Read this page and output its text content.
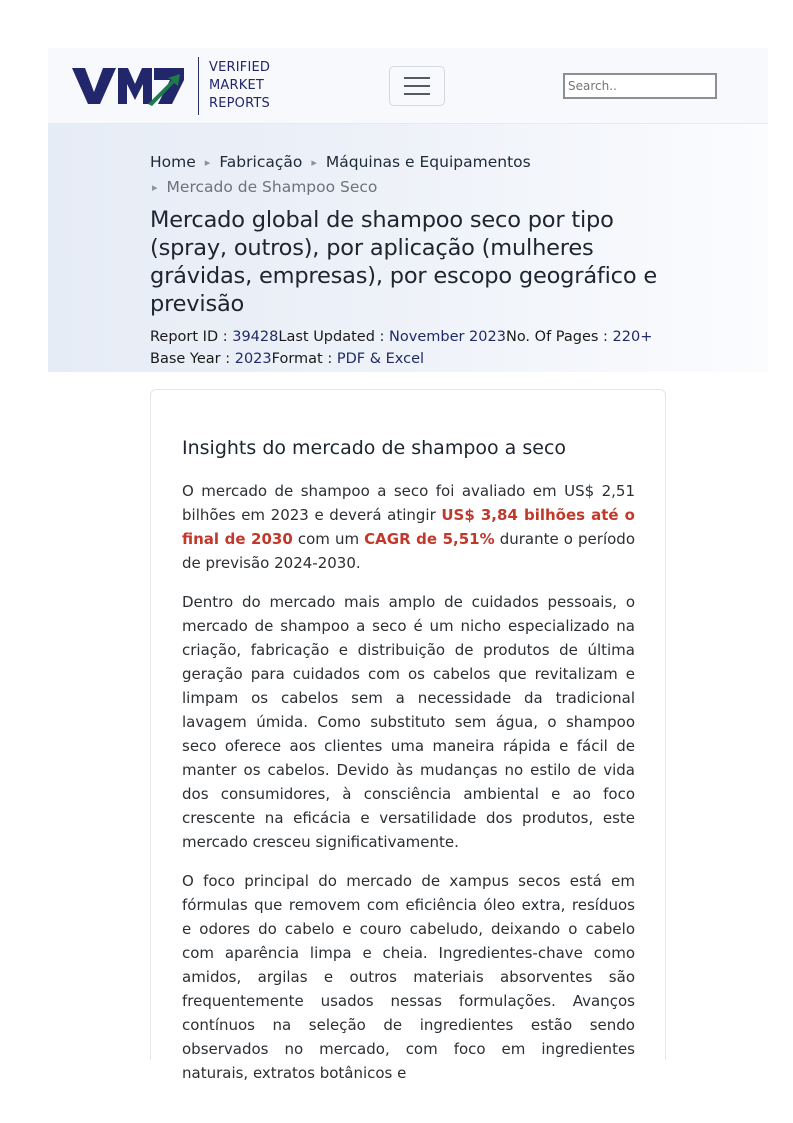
VERIFIED
MARKET
REPORTS
Search..
Home ▸ Fabricação ▸ Máquinas e Equipamentos
▸ Mercado de Shampoo Seco
Mercado global de shampoo seco por tipo (spray, outros), por aplicação (mulheres grávidas, empresas), por escopo geográfico e previsão
Report ID : 39428Last Updated : November 2023No. Of Pages : 220+
Base Year : 2023Format : PDF & Excel
Insights do mercado de shampoo a seco

O mercado de shampoo a seco foi avaliado em US$ 2,51 bilhões em 2023 e deverá atingir US$ 3,84 bilhões até o final de 2030 com um CAGR de 5,51% durante o período de previsão 2024-2030.

Dentro do mercado mais amplo de cuidados pessoais, o mercado de shampoo a seco é um nicho especializado na criação, fabricação e distribuição de produtos de última geração para cuidados com os cabelos que revitalizam e limpam os cabelos sem a necessidade da tradicional lavagem úmida. Como substituto sem água, o shampoo seco oferece aos clientes uma maneira rápida e fácil de manter os cabelos. Devido às mudanças no estilo de vida dos consumidores, à consciência ambiental e ao foco crescente na eficácia e versatilidade dos produtos, este mercado cresceu significativamente.

O foco principal do mercado de xampus secos está em fórmulas que removem com eficiência óleo extra, resíduos e odores do cabelo e couro cabeludo, deixando o cabelo com aparência limpa e cheia. Ingredientes-chave como amidos, argilas e outros materiais absorventes são frequentemente usados nessas formulações. Avanços contínuos na seleção de ingredientes estão sendo observados no mercado, com foco em ingredientes naturais, extratos botânicos e
